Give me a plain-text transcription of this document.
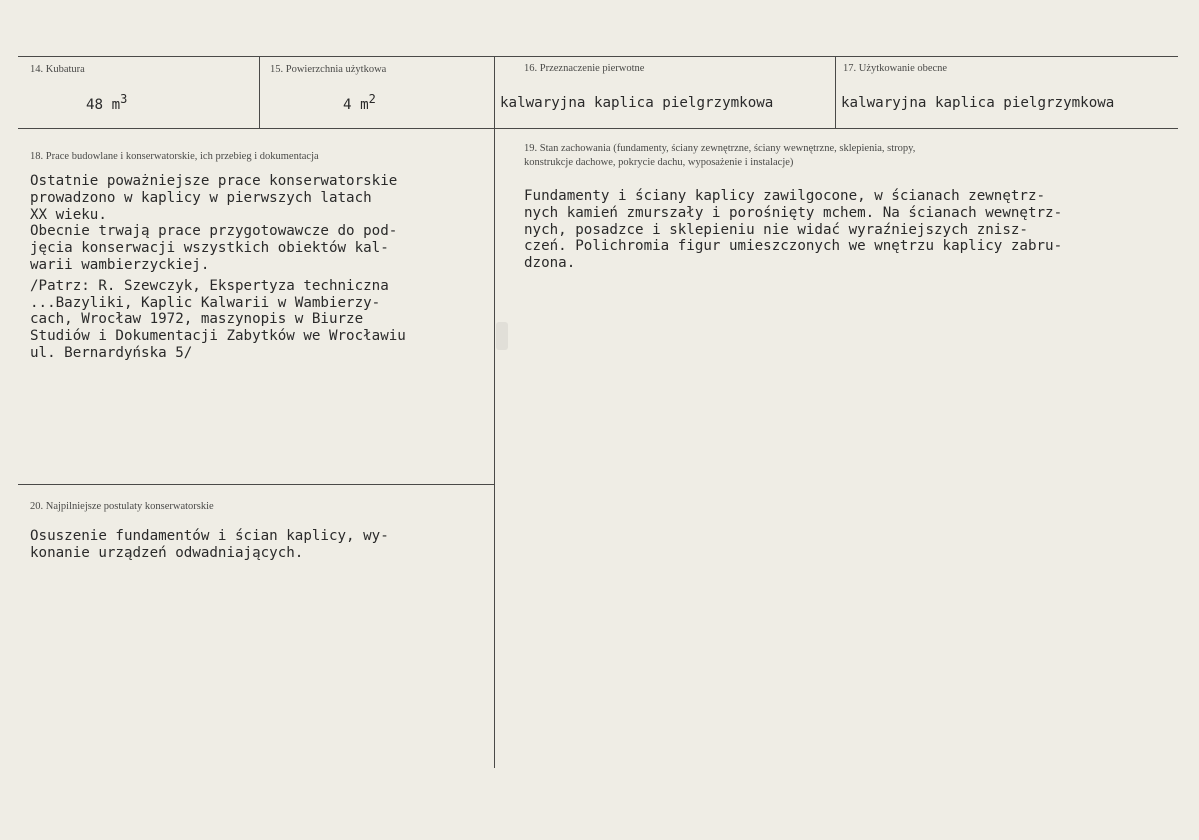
14. Kubatura
48 $m^3$
15. Powierzchnia użytkowa
4 $m^2$
16. Przeznaczenie pierwotne
kalwaryjna kaplica pielgrzymkowa
17. Użytkowanie obecne
kalwaryjna kaplica pielgrzymkowa
18. Prace budowlane i konserwatorskie, ich przebieg i dokumentacja
Ostatnie poważniejsze prace konserwatorskie
prowadzono w kaplicy w pierwszych latach
XX wieku.
Obecnie trwają prace przygotowawcze do pod-
jęcia konserwacji wszystkich obiektów kal-
warii wambierzyckiej.
/Patrz: R. Szewczyk, Ekspertyza techniczna
...Bazyliki, Kaplic Kalwarii w Wambierzy-
cach, Wrocław 1972, maszynopis w Biurze
Studiów i Dokumentacji Zabytków we Wrocławiu
ul. Bernardyńska 5/
19. Stan zachowania (fundamenty, ściany zewnętrzne, ściany wewnętrzne, sklepienia, stropy,
konstrukcje dachowe, pokrycie dachu, wyposażenie i instalacje)
Fundamenty i ściany kaplicy zawilgocone, w ścianach zewnętrz-
nych kamień zmurszały i porośnięty mchem. Na ścianach wewnętrz-
nych, posadzce i sklepieniu nie widać wyraźniejszych znisz-
czeń. Polichromia figur umieszczonych we wnętrzu kaplicy zabru-
dzona.
20. Najpilniejsze postulaty konserwatorskie
Osuszenie fundamentów i ścian kaplicy, wy-
konanie urządzeń odwadniających.
